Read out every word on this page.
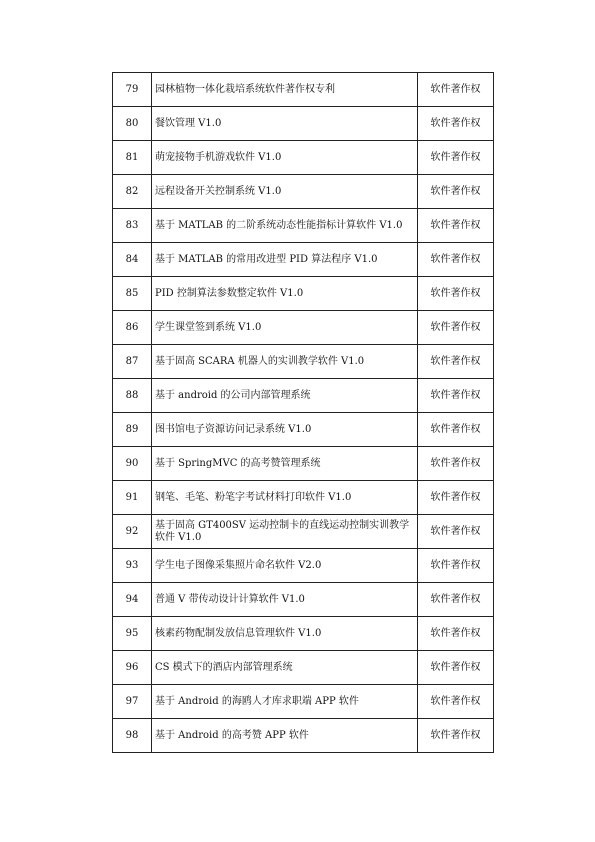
79	园林植物一体化栽培系统软件著作权专利	软件著作权
80	餐饮管理 V1.0	软件著作权
81	萌宠接物手机游戏软件 V1.0	软件著作权
82	远程设备开关控制系统 V1.0	软件著作权
83	基于 MATLAB 的二阶系统动态性能指标计算软件 V1.0	软件著作权
84	基于 MATLAB 的常用改进型 PID 算法程序 V1.0	软件著作权
85	PID 控制算法参数整定软件 V1.0	软件著作权
86	学生课堂签到系统 V1.0	软件著作权
87	基于固高 SCARA 机器人的实训教学软件 V1.0	软件著作权
88	基于 android 的公司内部管理系统	软件著作权
89	图书馆电子资源访问记录系统 V1.0	软件著作权
90	基于 SpringMVC 的高考赞管理系统	软件著作权
91	钢笔、毛笔、粉笔字考试材料打印软件 V1.0	软件著作权
92	基于固高 GT400SV 运动控制卡的直线运动控制实训教学软件 V1.0	软件著作权
93	学生电子图像采集照片命名软件 V2.0	软件著作权
94	普通 V 带传动设计计算软件 V1.0	软件著作权
95	核素药物配制发放信息管理软件 V1.0	软件著作权
96	CS 模式下的酒店内部管理系统	软件著作权
97	基于 Android 的海鸥人才库求职端 APP 软件	软件著作权
98	基于 Android 的高考赞 APP 软件	软件著作权
